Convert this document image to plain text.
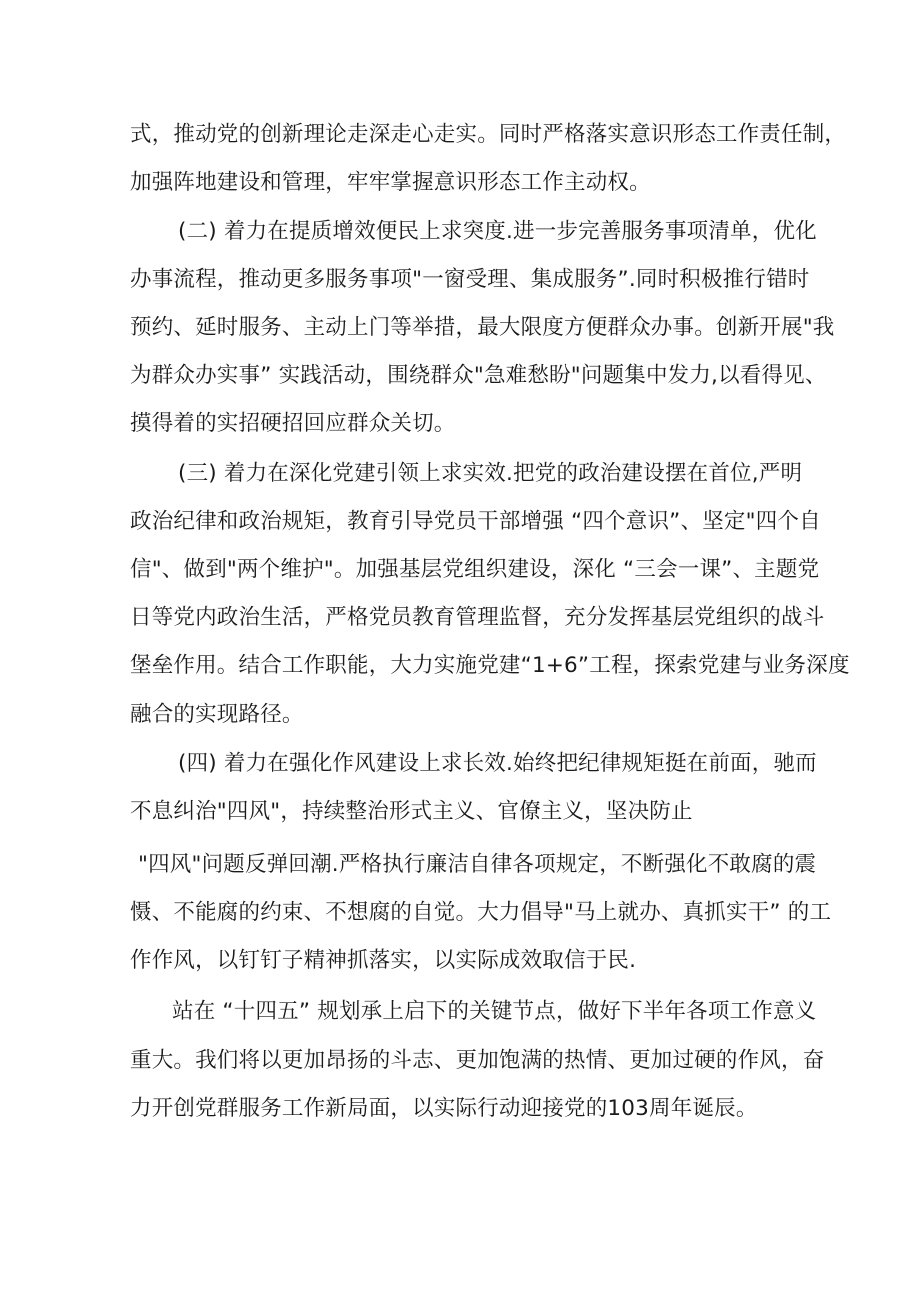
式，推动党的创新理论走深走心走实。同时严格落实意识形态工作责任制，
加强阵地建设和管理，牢牢掌握意识形态工作主动权。
(二) 着力在提质增效便民上求突度.进一步完善服务事项清单，优化
办事流程，推动更多服务事项"一窗受理、集成服务”.同时积极推行错时
预约、延时服务、主动上门等举措，最大限度方便群众办事。创新开展"我
为群众办实事” 实践活动，围绕群众"急难愁盼"问题集中发力,以看得见、
摸得着的实招硬招回应群众关切。
(三) 着力在深化党建引领上求实效.把党的政治建设摆在首位,严明
政治纪律和政治规矩，教育引导党员干部增强 “四个意识”、坚定"四个自
信"、做到"两个维护"。加强基层党组织建设，深化 “三会一课”、主题党
日等党内政治生活，严格党员教育管理监督，充分发挥基层党组织的战斗
堡垒作用。结合工作职能，大力实施党建“1+6”工程，探索党建与业务深度
融合的实现路径。
(四) 着力在强化作风建设上求长效.始终把纪律规矩挺在前面，驰而
不息纠治"四风"，持续整治形式主义、官僚主义，坚决防止
"四风"问题反弹回潮.严格执行廉洁自律各项规定，不断强化不敢腐的震
慑、不能腐的约束、不想腐的自觉。大力倡导"马上就办、真抓实干” 的工
作作风，以钉钉子精神抓落实，以实际成效取信于民.
站在 “十四五” 规划承上启下的关键节点，做好下半年各项工作意义
重大。我们将以更加昂扬的斗志、更加饱满的热情、更加过硬的作风，奋
力开创党群服务工作新局面，以实际行动迎接党的103周年诞辰。
